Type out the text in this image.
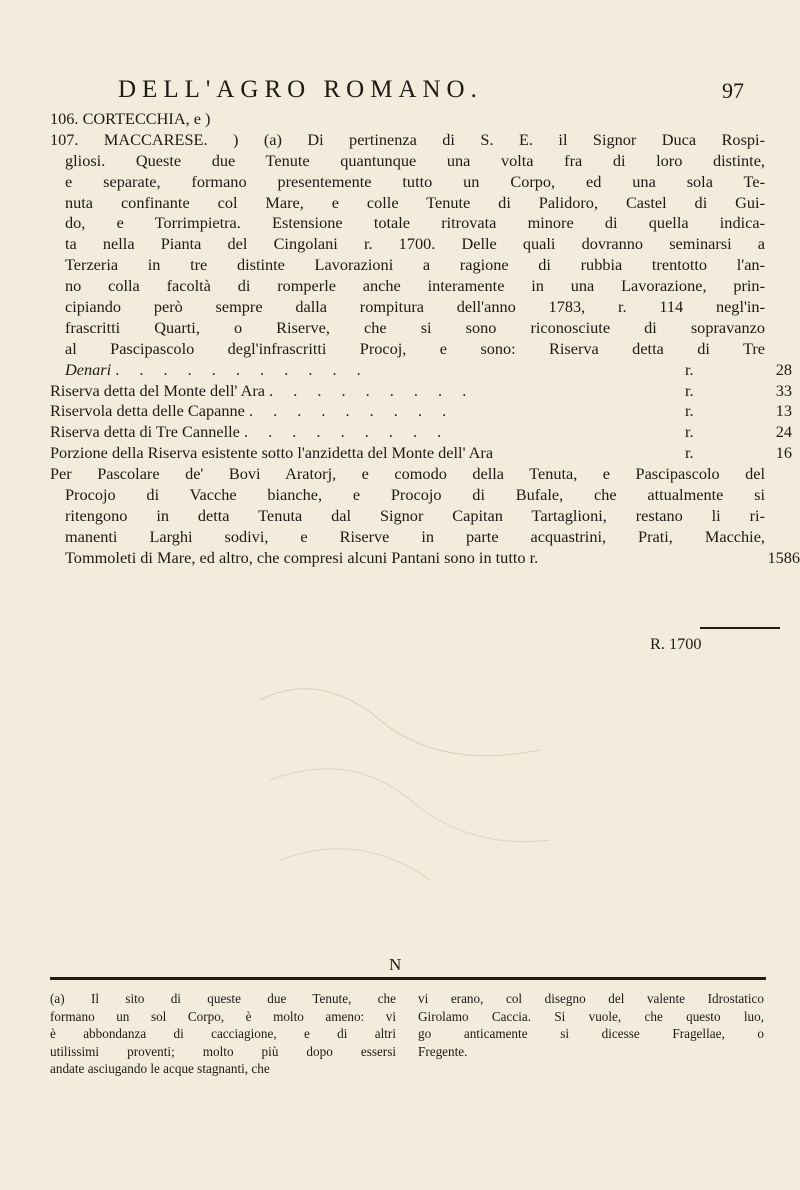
DELL'AGRO ROMANO.	97
106. CORTECCHIA, e )
107. MACCARESE. ) (a) Di pertinenza di S. E. il Signor Duca Rospi-
gliosi. Queste due Tenute quantunque una volta fra di loro distinte,
e separate, formano presentemente tutto un Corpo, ed una sola Te-
nuta confinante col Mare, e colle Tenute di Palidoro, Castel di Gui-
do, e Torrimpietra. Estensione totale ritrovata minore di quella indica-
ta nella Pianta del Cingolani r. 1700. Delle quali dovranno seminarsi a
Terzeria in tre distinte Lavorazioni a ragione di rubbia trentotto l'an-
no colla facoltà di romperle anche interamente in una Lavorazione, prin-
cipiando però sempre dalla rompitura dell'anno 1783, r. 114 negl'in-
frascritti Quarti, o Riserve, che si sono riconosciute di sopravanzo
al Pascipascolo degl'infrascritti Procoj, e sono: Riserva detta di Tre
Denari . . . . . . . . . . .	r.	28
Riserva detta del Monte dell' Ara . . . . . . . . .	r.	33
Riservola detta delle Capanne . . . . . . . . .	r.	13
Riserva detta di Tre Cannelle . . . . . . . . .	r.	24
Porzione della Riserva esistente sotto l'anzidetta del Monte dell' Ara	r.	16
Per Pascolare de' Bovi Aratorj, e comodo della Tenuta, e Pascipascolo del
Procojo di Vacche bianche, e Procojo di Bufale, che attualmente si
ritengono in detta Tenuta dal Signor Capitan Tartaglioni, restano li ri-
manenti Larghi sodivi, e Riserve in parte acquastrini, Prati, Macchie,
Tommoleti di Mare, ed altro, che compresi alcuni Pantani sono in tutto r.	1586
R. 1700
N
(a) Il sito di queste due Tenute, che
formano un sol Corpo, è molto ameno: vi
è abbondanza di cacciagione, e di altri
utilissimi proventi; molto più dopo essersi
andate asciugando le acque stagnanti, che
vi erano, col disegno del valente Idrostatico
Girolamo Caccia. Si vuole, che questo luo,
go anticamente si dicesse Fragellae, o
Fregente.
